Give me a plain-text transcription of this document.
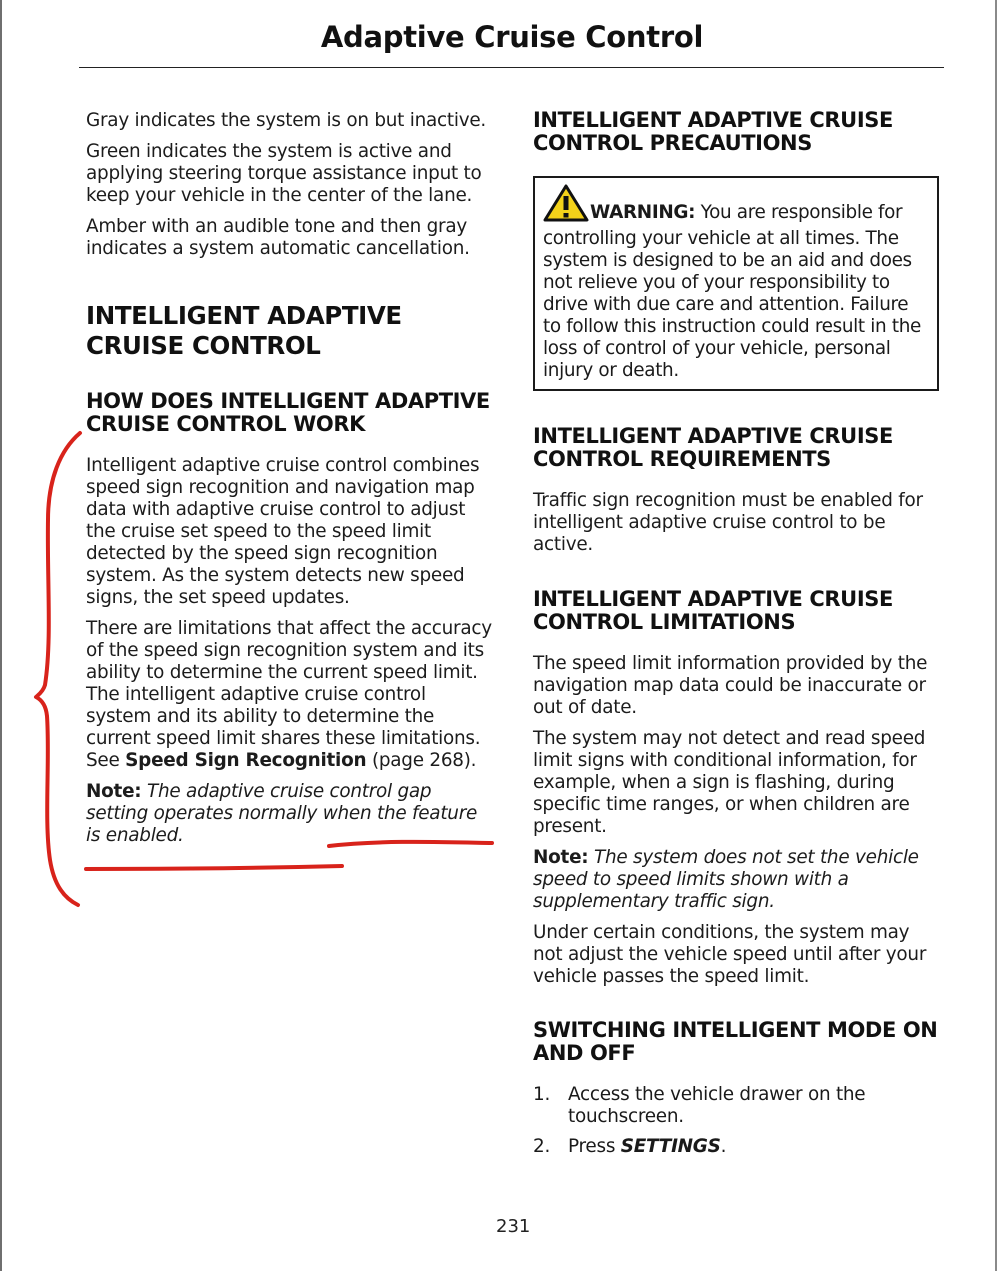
Adaptive Cruise Control

Gray indicates the system is on but inactive.

Green indicates the system is active and applying steering torque assistance input to keep your vehicle in the center of the lane.

Amber with an audible tone and then gray indicates a system automatic cancellation.

INTELLIGENT ADAPTIVE CRUISE CONTROL
HOW DOES INTELLIGENT ADAPTIVE CRUISE CONTROL WORK

Intelligent adaptive cruise control combines speed sign recognition and navigation map data with adaptive cruise control to adjust the cruise set speed to the speed limit detected by the speed sign recognition system. As the system detects new speed signs, the set speed updates.

There are limitations that affect the accuracy of the speed sign recognition system and its ability to determine the current speed limit. The intelligent adaptive cruise control system and its ability to determine the current speed limit shares these limitations. See Speed Sign Recognition (page 268).

Note: The adaptive cruise control gap setting operates normally when the feature is enabled.

INTELLIGENT ADAPTIVE CRUISE CONTROL PRECAUTIONS

WARNING: You are responsible for controlling your vehicle at all times. The system is designed to be an aid and does not relieve you of your responsibility to drive with due care and attention. Failure to follow this instruction could result in the loss of control of your vehicle, personal injury or death.

INTELLIGENT ADAPTIVE CRUISE CONTROL REQUIREMENTS

Traffic sign recognition must be enabled for intelligent adaptive cruise control to be active.

INTELLIGENT ADAPTIVE CRUISE CONTROL LIMITATIONS

The speed limit information provided by the navigation map data could be inaccurate or out of date.

The system may not detect and read speed limit signs with conditional information, for example, when a sign is flashing, during specific time ranges, or when children are present.

Note: The system does not set the vehicle speed to speed limits shown with a supplementary traffic sign.

Under certain conditions, the system may not adjust the vehicle speed until after your vehicle passes the speed limit.

SWITCHING INTELLIGENT MODE ON AND OFF
1. Access the vehicle drawer on the touchscreen.
2. Press SETTINGS.
231
